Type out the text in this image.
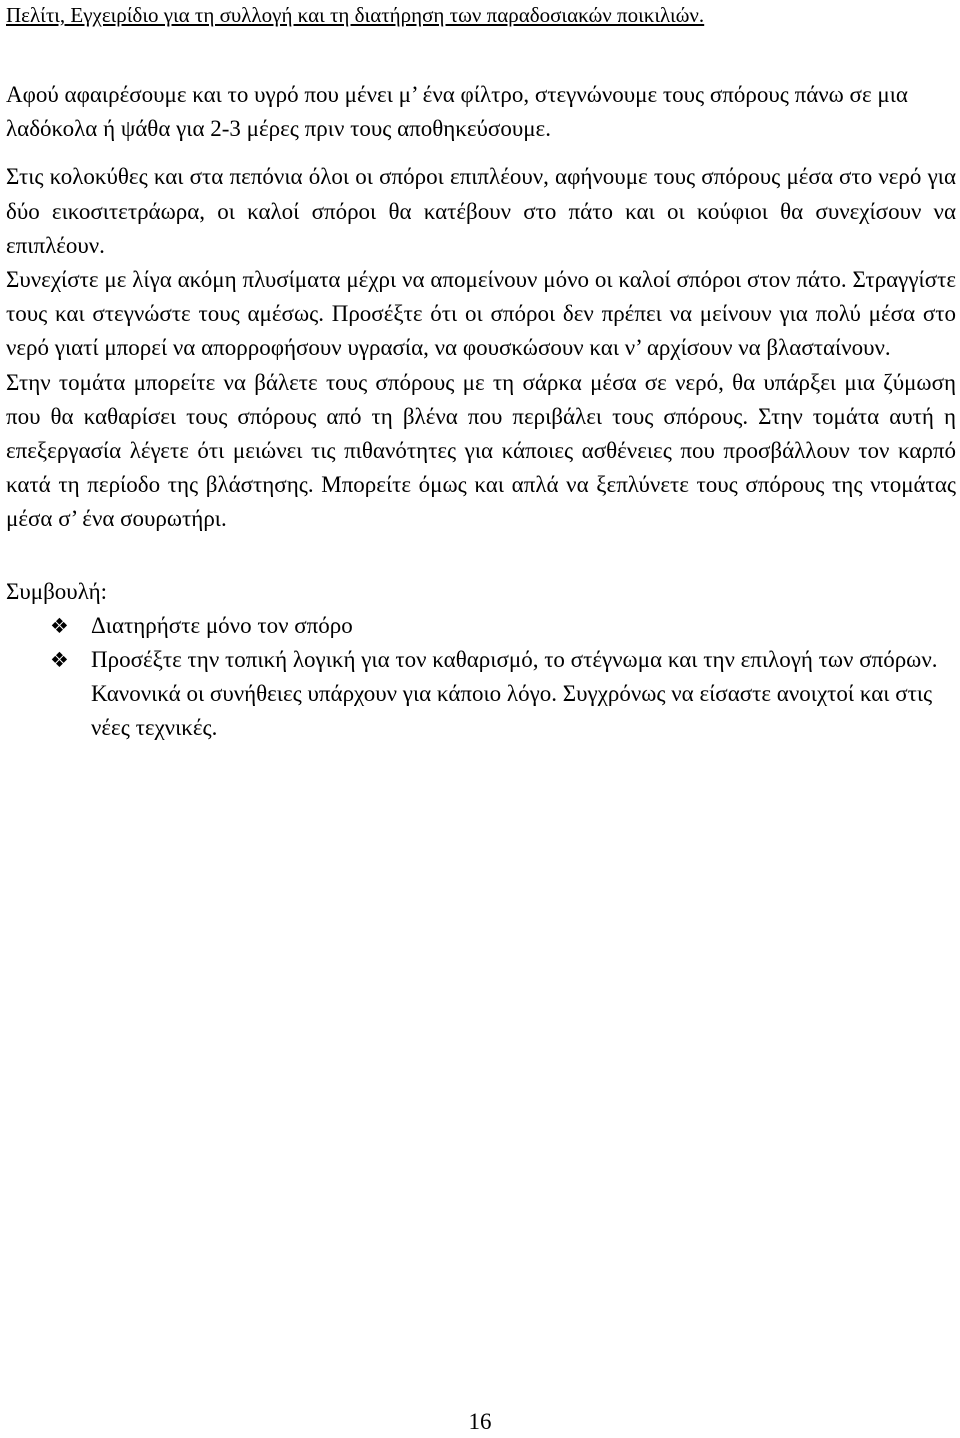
Πελίτι, Εγχειρίδιο για τη συλλογή και τη διατήρηση των παραδοσιακών ποικιλιών.

Αφού αφαιρέσουμε και το υγρό που μένει μ’ ένα φίλτρο, στεγνώνουμε τους σπόρους πάνω σε μια λαδόκολα ή ψάθα για 2-3 μέρες πριν τους αποθηκεύσουμε.

Στις κολοκύθες και στα πεπόνια όλοι οι σπόροι επιπλέουν, αφήνουμε τους σπόρους μέσα στο νερό για δύο εικοσιτετράωρα, οι καλοί σπόροι θα κατέβουν στο πάτο και οι κούφιοι θα συνεχίσουν να επιπλέουν.

Συνεχίστε με λίγα ακόμη πλυσίματα μέχρι να απομείνουν μόνο οι καλοί σπόροι στον πάτο. Στραγγίστε τους και στεγνώστε τους αμέσως. Προσέξτε ότι οι σπόροι δεν πρέπει να μείνουν για πολύ μέσα στο νερό γιατί μπορεί να απορροφήσουν υγρασία, να φουσκώσουν και ν’ αρχίσουν να βλασταίνουν.

Στην τομάτα μπορείτε να βάλετε τους σπόρους με τη σάρκα μέσα σε νερό, θα υπάρξει μια ζύμωση που θα καθαρίσει τους σπόρους από τη βλένα που περιβάλει τους σπόρους. Στην τομάτα αυτή η επεξεργασία λέγετε ότι μειώνει τις πιθανότητες για κάποιες ασθένειες που προσβάλλουν τον καρπό κατά τη περίοδο της βλάστησης. Μπορείτε όμως και απλά να ξεπλύνετε τους σπόρους της ντομάτας μέσα σ’ ένα σουρωτήρι.

Συμβουλή:

❖ Διατηρήστε μόνο τον σπόρο
❖ Προσέξτε την τοπική λογική για τον καθαρισμό, το στέγνωμα και την επιλογή των σπόρων. Κανονικά οι συνήθειες υπάρχουν για κάποιο λόγο. Συγχρόνως να είσαστε ανοιχτοί και στις νέες τεχνικές.

16
